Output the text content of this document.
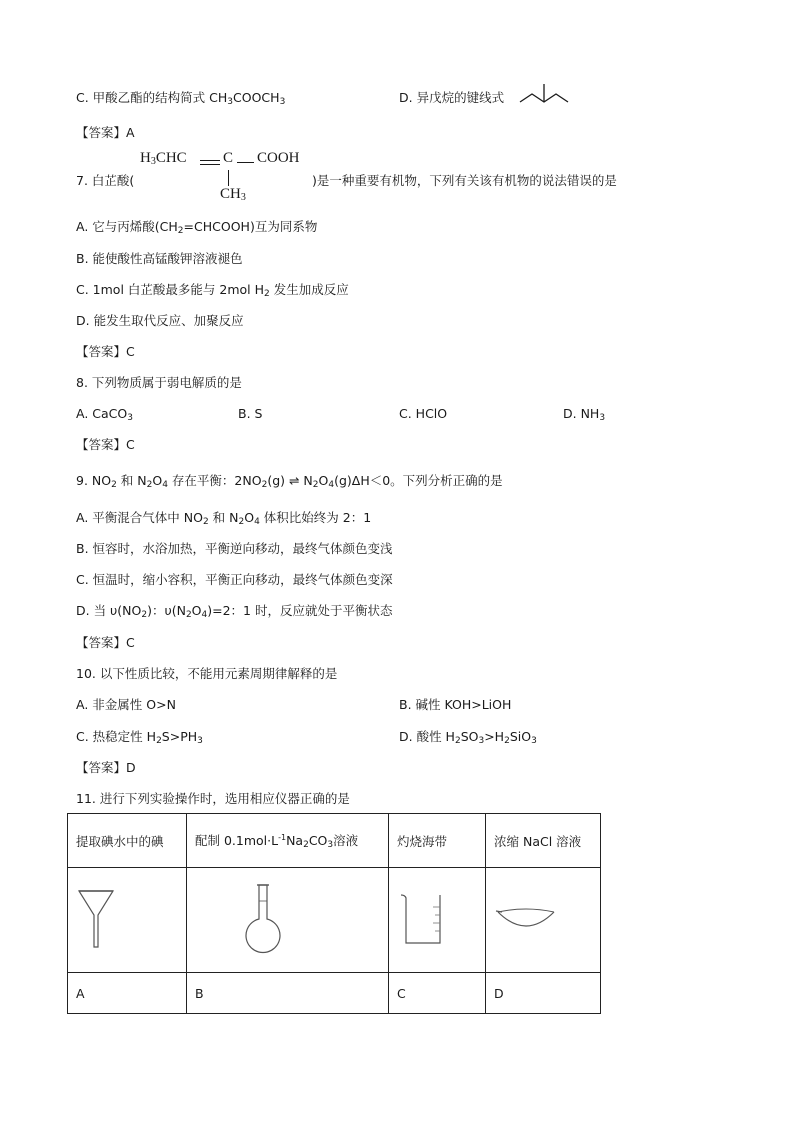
C. 甲酸乙酯的结构简式 $CH_3COOCH_3$	D. 异戊烷的键线式
【答案】A
$H_3CHC$ C COOH
$CH_3$
7. 白芷酸(	)是一种重要有机物，下列有关该有机物的说法错误的是
A. 它与丙烯酸$(CH_2=CHCOOH)$互为同系物
B. 能使酸性高锰酸钾溶液褪色
C. 1mol 白芷酸最多能与 2mol $H_2$ 发生加成反应
D. 能发生取代反应、加聚反应
【答案】C
8. 下列物质属于弱电解质的是
A. CaCO$_3$	B. S	C. HClO	D. $NH_3$
【答案】C
9. $NO_2$ 和 $N_2O_4$ 存在平衡：$2NO_2(g)$ ⇌ $N_2O_4(g)\Delta H<0$。下列分析正确的是
A. 平衡混合气体中 $NO_2$ 和 $N_2O_4$ 体积比始终为 2：1
B. 恒容时，水浴加热，平衡逆向移动，最终气体颜色变浅
C. 恒温时，缩小容积，平衡正向移动，最终气体颜色变深
D. 当 $\upsilon(NO_2)$：$\upsilon(N_2O_4)=2$：1 时，反应就处于平衡状态
【答案】C
10. 以下性质比较，不能用元素周期律解释的是
A. 非金属性 O>N	B. 碱性 KOH>LiOH
C. 热稳定性 $H_2S>PH_3$	D. 酸性 $H_2SO_3>H_2SiO_3$
【答案】D
11. 进行下列实验操作时，选用相应仪器正确的是
提取碘水中的碘	配制 $0.1mol\cdot L^{-1}Na_2CO_3$溶液	灼烧海带	浓缩 NaCl 溶液

A	B	C	D
